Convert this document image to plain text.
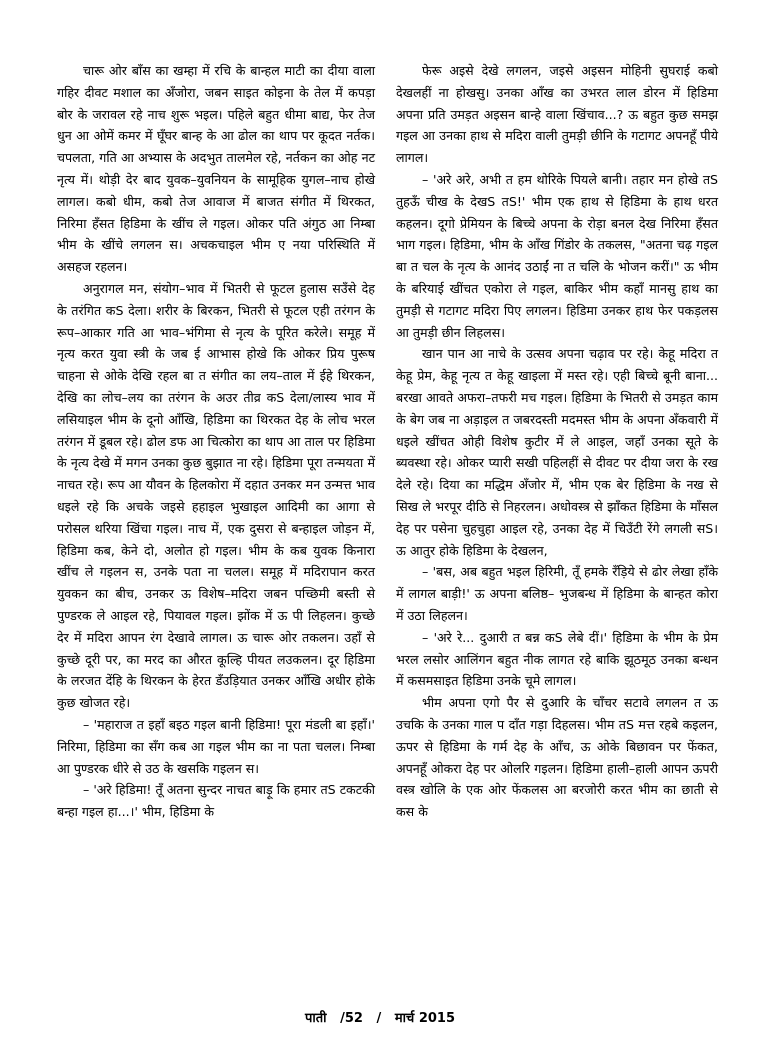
चारू ओर बाँस का खम्हा में रचि के बान्हल माटी का दीया वाला गहिर दीवट मशाल का अँजोरा, जबन साइत कोइना के तेल में कपड़ा बोर के जरावल रहे नाच शुरू भइल। पहिले बहुत धीमा बाद्य, फेर तेज धुन आ ओमें कमर में घूँघर बान्ह के आ ढोल का थाप पर कूदत नर्तक। चपलता, गति आ अभ्यास के अदभुत तालमेल रहे, नर्तकन का ओह नट नृत्य में। थोड़ी देर बाद युवक–युवनियन के सामूहिक युगल–नाच होखे लागल। कबो धीम, कबो तेज आवाज में बाजत संगीत में थिरकत, निरिमा हँसत हिडिमा के खींच ले गइल। ओकर पति अंगुठ आ निम्बा भीम के खींचे लगलन स। अचकचाइल भीम ए नया परिस्थिति में असहज रहलन।

अनुरागल मन, संयोग–भाव में भितरी से फूटल हुलास सउँसे देह के तरंगित कS देला। शरीर के बिरकन, भितरी से फूटल एही तरंगन के रूप–आकार गति आ भाव–भंगिमा से नृत्य के पूरित करेले। समूह में नृत्य करत युवा स्त्री के जब ई आभास होखे कि ओकर प्रिय पुरूष चाहना से ओके देखि रहल बा त संगीत का लय–ताल में ईहे थिरकन, देखि का लोच–लय का तरंगन के अउर तीव्र कS देला/लास्य भाव में लसियाइल भीम के दूनो आँखि, हिडिमा का थिरकत देह के लोच भरल तरंगन में डूबल रहे। ढोल डफ आ चित्कोरा का थाप आ ताल पर हिडिमा के नृत्य देखे में मगन उनका कुछ बुझात ना रहे। हिडिमा पूरा तन्मयता में नाचत रहे। रूप आ यौवन के हिलकोरा में दहात उनकर मन उन्मत्त भाव धइले रहे कि अचके जइसे हहाइल भुखाइल आदिमी का आगा से परोसल थरिया खिंचा गइल। नाच में, एक दुसरा से बन्हाइल जोड़न में, हिडिमा कब, केने दो, अलोत हो गइल। भीम के कब युवक किनारा खींच ले गइलन स, उनके पता ना चलल। समूह में मदिरापान करत युवकन का बीच, उनकर ऊ विशेष–मदिरा जबन पच्छिमी बस्ती से पुण्डरक ले आइल रहे, पियावल गइल। झोंक में ऊ पी लिहलन। कुच्छे देर में मदिरा आपन रंग देखावे लागल। ऊ चारू ओर तकलन। उहाँ से कुच्छे दूरी पर, का मरद का औरत कूल्हि पीयत लउकलन। दूर हिडिमा के लरजत देंहि के थिरकन के हेरत डँउड़ियात उनकर आँखि अधीर होके कुछ खोजत रहे।

– 'महाराज त इहाँ बइठ गइल बानी हिडिमा! पूरा मंडली बा इहाँ।' निरिमा, हिडिमा का सँग कब आ गइल भीम का ना पता चलल। निम्बा आ पुण्डरक धीरे से उठ के खसकि गइलन स।

– 'अरे हिडिमा! तूँ अतना सुन्दर नाचत बाड़ू कि हमार तS टकटकी बन्हा गइल हा...।' भीम, हिडिमा के

फेरू अइसे देखे लगलन, जइसे अइसन मोहिनी सुघराई कबो देखलहीं ना होखसु। उनका आँख का उभरत लाल डोरन में हिडिमा अपना प्रति उमड़त अइसन बान्हे वाला खिंचाव...? ऊ बहुत कुछ समझ गइल आ उनका हाथ से मदिरा वाली तुमड़ी छीनि के गटागट अपनहूँ पीये लागल।

– 'अरे अरे, अभी त हम थोरिके पियले बानी। तहार मन होखे तS तुहऊँ चीख के देखS तS!' भीम एक हाथ से हिडिमा के हाथ धरत कहलन। दूगो प्रेमियन के बिच्चे अपना के रोड़ा बनल देख निरिमा हँसत भाग गइल। हिडिमा, भीम के आँख गिंडोर के तकलस, "अतना चढ़ गइल बा त चल के नृत्य के आनंद उठाईं ना त चलि के भोजन करीं।" ऊ भीम के बरियाई खींचत एकोरा ले गइल, बाकिर भीम कहाँ मानसु हाथ का तुमड़ी से गटागट मदिरा पिए लगलन। हिडिमा उनकर हाथ फेर पकड़लस आ तुमड़ी छीन लिहलस।

खान पान आ नाचे के उत्सव अपना चढ़ाव पर रहे। केहू मदिरा त केहू प्रेम, केहू नृत्य त केहू खाइला में मस्त रहे। एही बिच्चे बूनी बाना... बरखा आवते अफरा–तफरी मच गइल। हिडिमा के भितरी से उमड़त काम के बेग जब ना अड़ाइल त जबरदस्ती मदमस्त भीम के अपना अँकवारी में धइले खींचत ओही विशेष कुटीर में ले आइल, जहाँ उनका सूते के ब्यवस्था रहे। ओकर प्यारी सखी पहिलहीं से दीवट पर दीया जरा के रख देले रहे। दिया का मद्धिम अँजोर में, भीम एक बेर हिडिमा के नख से सिख ले भरपूर दीठि से निहरलन। अधोवस्त्र से झाँकत हिडिमा के माँसल देह पर पसेना चुहचुहा आइल रहे, उनका देह में चिउँटी रेंगे लगली सS। ऊ आतुर होके हिडिमा के देखलन,

– 'बस, अब बहुत भइल हिरिमी, तूँ हमके रँड़िये से ढोर लेखा हाँके में लागल बाड़ी!' ऊ अपना बलिष्ठ– भुजबन्ध में हिडिमा के बान्हत कोरा में उठा लिहलन।

– 'अरे रे... दुआरी त बन्न कS लेबे दीं।' हिडिमा के भीम के प्रेम भरल लसोर आलिंगन बहुत नीक लागत रहे बाकि झूठमूठ उनका बन्धन में कसमसाइत हिडिमा उनके चूमे लागल।

भीम अपना एगो पैर से दुआरि के चाँचर सटावे लगलन त ऊ उचकि के उनका गाल प दाँत गड़ा दिहलस। भीम तS मत्त रहबे कइलन, ऊपर से हिडिमा के गर्म देह के आँच, ऊ ओके बिछावन पर फेंकत, अपनहूँ ओकरा देह पर ओलरि गइलन। हिडिमा हाली–हाली आपन ऊपरी वस्त्र खोलि के एक ओर फेंकलस आ बरजोरी करत भीम का छाती से कस के

पाती /52 / मार्च 2015
